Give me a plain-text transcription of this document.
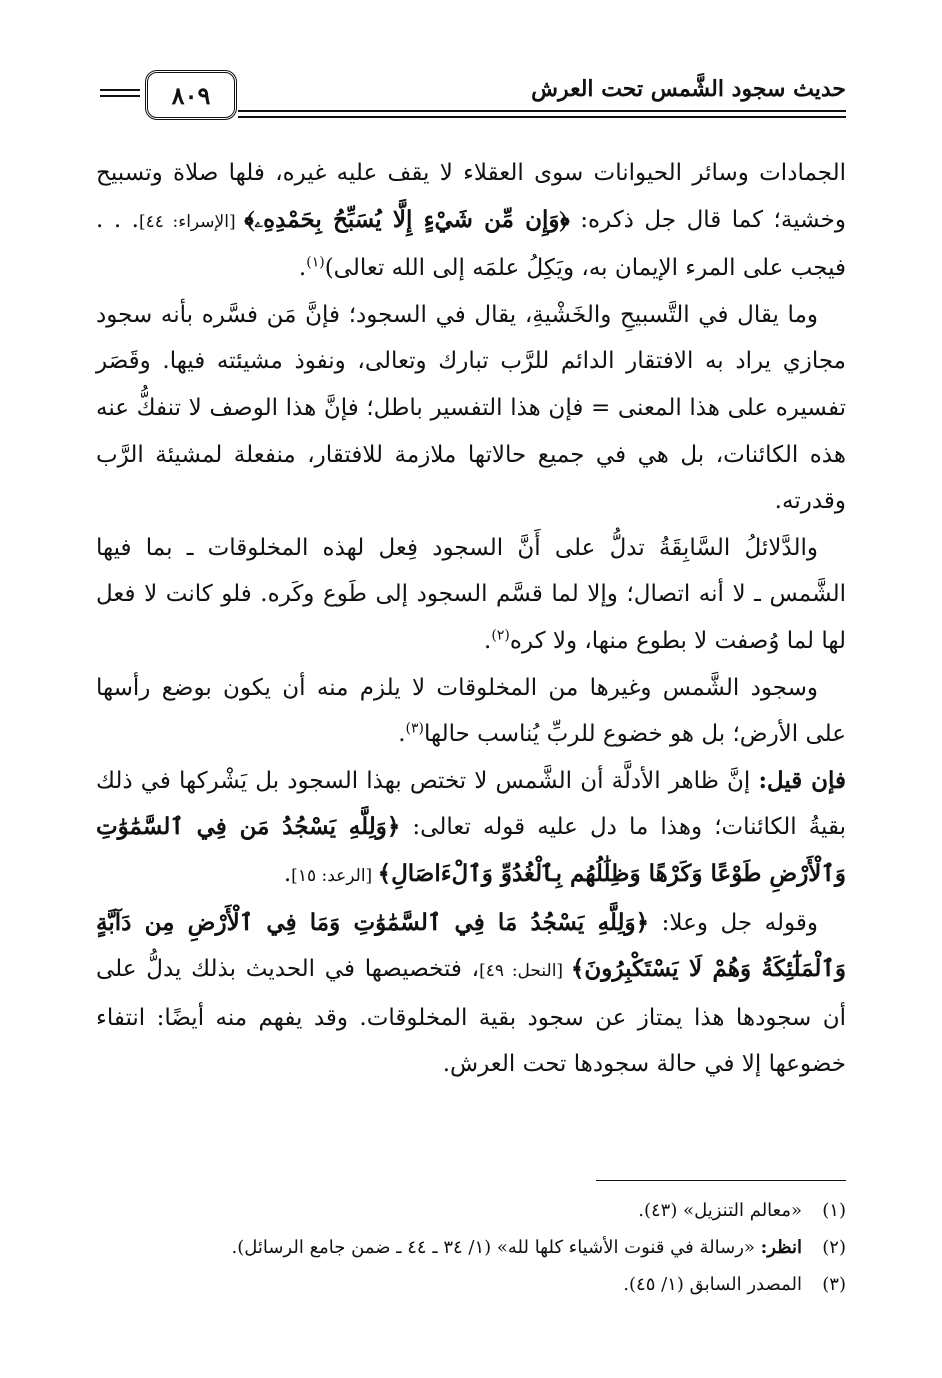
حديث سجود الشَّمس تحت العرش
٨٠٩

الجمادات وسائر الحيوانات سوى العقلاء لا يقف عليه غيره، فلها صلاة وتسبيح وخشية؛ كما قال جل ذكره: ﴿وَإِن مِّن شَيْءٍ إِلَّا يُسَبِّحُ بِحَمْدِهِۦ﴾ [الإسراء: ٤٤]. . . فيجب على المرء الإيمان به، ويَكِلُ علمَه إلى الله تعالى)$^{(١)}$.

وما يقال في التَّسبيحِ والخَشْيةِ، يقال في السجود؛ فإنَّ مَن فسَّره بأنه سجود مجازي يراد به الافتقار الدائم للرَّب تبارك وتعالى، ونفوذ مشيئته فيها. وقَصَر تفسيره على هذا المعنى = فإن هذا التفسير باطل؛ فإنَّ هذا الوصف لا تنفكُّ عنه هذه الكائنات، بل هي في جميع حالاتها ملازمة للافتقار، منفعلة لمشيئة الرَّب وقدرته.

والدَّلائلُ السَّابِقَةُ تدلُّ على أَنَّ السجود فِعل لهذه المخلوقات ـ بما فيها الشَّمس ـ لا أنه اتصال؛ وإلا لما قسَّم السجود إلى طَوع وكَره. فلو كانت لا فعل لها لما وُصفت لا بطوع منها، ولا كره$^{(٢)}$.

وسجود الشَّمس وغيرها من المخلوقات لا يلزم منه أن يكون بوضع رأسها على الأرض؛ بل هو خضوع للربِّ يُناسب حالها$^{(٣)}$.

فإن قيل: إنَّ ظاهر الأدلَّة أن الشَّمس لا تختص بهذا السجود بل يَشْركها في ذلك بقيةُ الكائنات؛ وهذا ما دل عليه قوله تعالى: ﴿وَلِلَّهِ يَسْجُدُ مَن فِي ٱلسَّمَٰوَٰتِ وَٱلْأَرْضِ طَوْعًا وَكَرْهًا وَظِلَٰلُهُم بِٱلْغُدُوِّ وَٱلْءَاصَالِ﴾ [الرعد: ١٥].

وقوله جل وعلا: ﴿وَلِلَّهِ يَسْجُدُ مَا فِي ٱلسَّمَٰوَٰتِ وَمَا فِي ٱلْأَرْضِ مِن دَآبَّةٍ وَٱلْمَلَٰٓئِكَةُ وَهُمْ لَا يَسْتَكْبِرُونَ﴾ [النحل: ٤٩]، فتخصيصها في الحديث بذلك يدلُّ على أن سجودها هذا يمتاز عن سجود بقية المخلوقات. وقد يفهم منه أيضًا: انتفاء خضوعها إلا في حالة سجودها تحت العرش.

(١)«معالم التنزيل» (٤٣).
(٢)انظر: «رسالة في قنوت الأشياء كلها لله» (١/ ٣٤ ـ ٤٤ ـ ضمن جامع الرسائل).
(٣)المصدر السابق (١/ ٤٥).
